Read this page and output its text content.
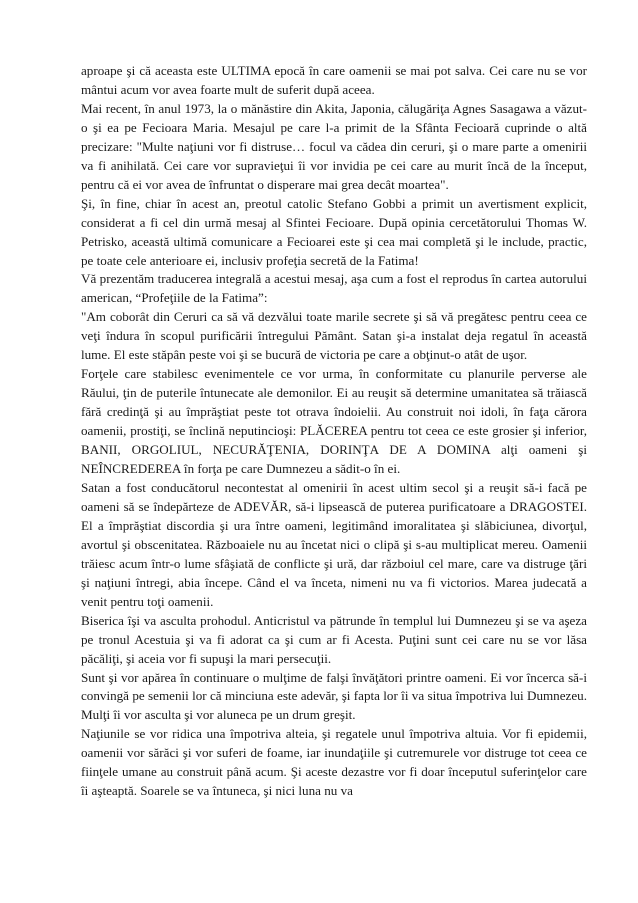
aproape şi că aceasta este ULTIMA epocă în care oamenii se mai pot salva. Cei care nu se vor mântui acum vor avea foarte mult de suferit după aceea.

Mai recent, în anul 1973, la o mănăstire din Akita, Japonia, călugăriţa Agnes Sasagawa a văzut-o şi ea pe Fecioara Maria. Mesajul pe care l-a primit de la Sfânta Fecioară cuprinde o altă precizare: "Multe naţiuni vor fi distruse… focul va cădea din ceruri, şi o mare parte a omenirii va fi anihilată. Cei care vor supravieţui îi vor invidia pe cei care au murit încă de la început, pentru că ei vor avea de înfruntat o disperare mai grea decât moartea".

Şi, în fine, chiar în acest an, preotul catolic Stefano Gobbi a primit un avertisment explicit, considerat a fi cel din urmă mesaj al Sfintei Fecioare. După opinia cercetătorului Thomas W. Petrisko, această ultimă comunicare a Fecioarei este şi cea mai completă şi le include, practic, pe toate cele anterioare ei, inclusiv profeţia secretă de la Fatima!

Vă prezentăm traducerea integrală a acestui mesaj, aşa cum a fost el reprodus în cartea autorului american, “Profeţiile de la Fatima”:

"Am coborât din Ceruri ca să vă dezvălui toate marile secrete şi să vă pregătesc pentru ceea ce veţi îndura în scopul purificării întregului Pământ. Satan şi-a instalat deja regatul în această lume. El este stăpân peste voi şi se bucură de victoria pe care a obţinut-o atât de uşor.

Forţele care stabilesc evenimentele ce vor urma, în conformitate cu planurile perverse ale Răului, ţin de puterile întunecate ale demonilor. Ei au reuşit să determine umanitatea să trăiască fără credinţă şi au împrăştiat peste tot otrava îndoielii. Au construit noi idoli, în faţa cărora oamenii, prostiţi, se înclină neputincioşi: PLĂCEREA pentru tot ceea ce este grosier şi inferior, BANII, ORGOLIUL, NECURĂŢENIA, DORINŢA DE A DOMINA alţi oameni şi NEÎNCREDEREA în forţa pe care Dumnezeu a sădit-o în ei.

Satan a fost conducătorul necontestat al omenirii în acest ultim secol şi a reuşit să-i facă pe oameni să se îndepărteze de ADEVĂR, să-i lipsească de puterea purificatoare a DRAGOSTEI. El a împrăştiat discordia şi ura între oameni, legitimând imoralitatea şi slăbiciunea, divorţul, avortul şi obscenitatea. Războaiele nu au încetat nici o clipă şi s-au multiplicat mereu. Oamenii trăiesc acum într-o lume sfâşiată de conflicte şi ură, dar războiul cel mare, care va distruge ţări şi naţiuni întregi, abia începe. Când el va înceta, nimeni nu va fi victorios. Marea judecată a venit pentru toţi oamenii.

Biserica îşi va asculta prohodul. Anticristul va pătrunde în templul lui Dumnezeu şi se va aşeza pe tronul Acestuia şi va fi adorat ca şi cum ar fi Acesta. Puţini sunt cei care nu se vor lăsa păcăliţi, şi aceia vor fi supuşi la mari persecuţii.

Sunt şi vor apărea în continuare o mulţime de falşi învăţători printre oameni. Ei vor încerca să-i convingă pe semenii lor că minciuna este adevăr, şi fapta lor îi va situa împotriva lui Dumnezeu. Mulţi îi vor asculta şi vor aluneca pe un drum greşit.

Naţiunile se vor ridica una împotriva alteia, şi regatele unul împotriva altuia. Vor fi epidemii, oamenii vor sărăci şi vor suferi de foame, iar inundaţiile şi cutremurele vor distruge tot ceea ce fiinţele umane au construit până acum. Şi aceste dezastre vor fi doar începutul suferinţelor care îi aşteaptă. Soarele se va întuneca, şi nici luna nu va
